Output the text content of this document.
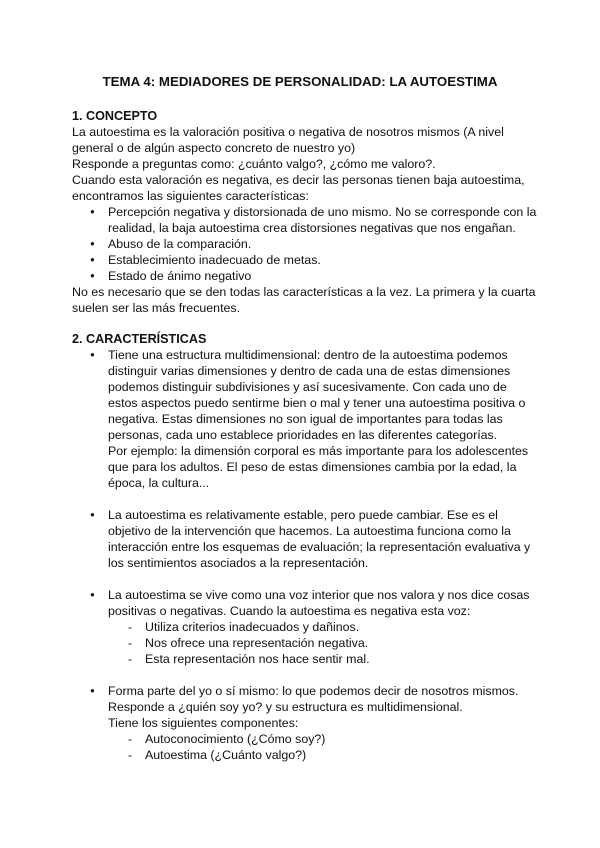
TEMA 4: MEDIADORES DE PERSONALIDAD: LA AUTOESTIMA
1. CONCEPTO
La autoestima es la valoración positiva o negativa de nosotros mismos (A nivel
general o de algún aspecto concreto de nuestro yo)
Responde a preguntas como: ¿cuánto valgo?, ¿cómo me valoro?.
Cuando esta valoración es negativa, es decir las personas tienen baja autoestima,
encontramos las siguientes características:
● Percepción negativa y distorsionada de uno mismo. No se corresponde con la
realidad, la baja autoestima crea distorsiones negativas que nos engañan.
● Abuso de la comparación.
● Establecimiento inadecuado de metas.
● Estado de ánimo negativo
No es necesario que se den todas las características a la vez. La primera y la cuarta
suelen ser las más frecuentes.
2. CARACTERÍSTICAS
● Tiene una estructura multidimensional: dentro de la autoestima podemos
distinguir varias dimensiones y dentro de cada una de estas dimensiones
podemos distinguir subdivisiones y así sucesivamente. Con cada uno de
estos aspectos puedo sentirme bien o mal y tener una autoestima positiva o
negativa. Estas dimensiones no son igual de importantes para todas las
personas, cada uno establece prioridades en las diferentes categorías.
Por ejemplo: la dimensión corporal es más importante para los adolescentes
que para los adultos. El peso de estas dimensiones cambia por la edad, la
época, la cultura...
● La autoestima es relativamente estable, pero puede cambiar. Ese es el
objetivo de la intervención que hacemos. La autoestima funciona como la
interacción entre los esquemas de evaluación; la representación evaluativa y
los sentimientos asociados a la representación.
● La autoestima se vive como una voz interior que nos valora y nos dice cosas
positivas o negativas. Cuando la autoestima es negativa esta voz:
- Utiliza criterios inadecuados y dañinos.
- Nos ofrece una representación negativa.
- Esta representación nos hace sentir mal.
● Forma parte del yo o sí mismo: lo que podemos decir de nosotros mismos.
Responde a ¿quién soy yo? y su estructura es multidimensional.
Tiene los siguientes componentes:
- Autoconocimiento (¿Cómo soy?)
- Autoestima (¿Cuánto valgo?)
